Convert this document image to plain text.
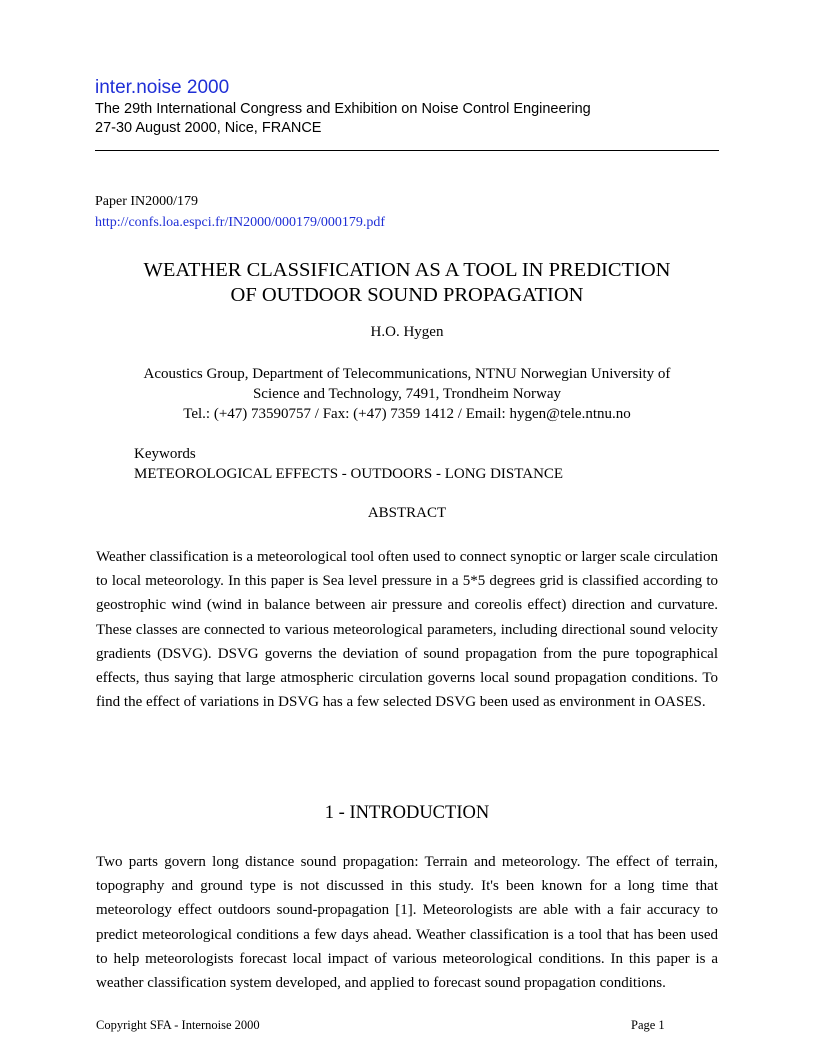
inter.noise 2000
The 29th International Congress and Exhibition on Noise Control Engineering
27-30 August 2000, Nice, FRANCE
Paper IN2000/179
http://confs.loa.espci.fr/IN2000/000179/000179.pdf
WEATHER CLASSIFICATION AS A TOOL IN PREDICTION
OF OUTDOOR SOUND PROPAGATION
H.O. Hygen
Acoustics Group, Department of Telecommunications, NTNU Norwegian University of
Science and Technology, 7491, Trondheim Norway
Tel.: (+47) 73590757 / Fax: (+47) 7359 1412 / Email: hygen@tele.ntnu.no
Keywords
METEOROLOGICAL EFFECTS - OUTDOORS - LONG DISTANCE
ABSTRACT

Weather classification is a meteorological tool often used to connect synoptic or larger scale circulation to local meteorology. In this paper is Sea level pressure in a 5*5 degrees grid is classified according to geostrophic wind (wind in balance between air pressure and coreolis effect) direction and curvature. These classes are connected to various meteorological parameters, including directional sound velocity gradients (DSVG). DSVG governs the deviation of sound propagation from the pure topographical effects, thus saying that large atmospheric circulation governs local sound propagation conditions. To find the effect of variations in DSVG has a few selected DSVG been used as environment in OASES.

1 - INTRODUCTION

Two parts govern long distance sound propagation: Terrain and meteorology. The effect of terrain, topography and ground type is not discussed in this study. It's been known for a long time that meteorology effect outdoors sound-propagation [1]. Meteorologists are able with a fair accuracy to predict meteorological conditions a few days ahead. Weather classification is a tool that has been used to help meteorologists forecast local impact of various meteorological conditions. In this paper is a weather classification system developed, and applied to forecast sound propagation conditions.

Copyright SFA - Internoise 2000	Page 1
